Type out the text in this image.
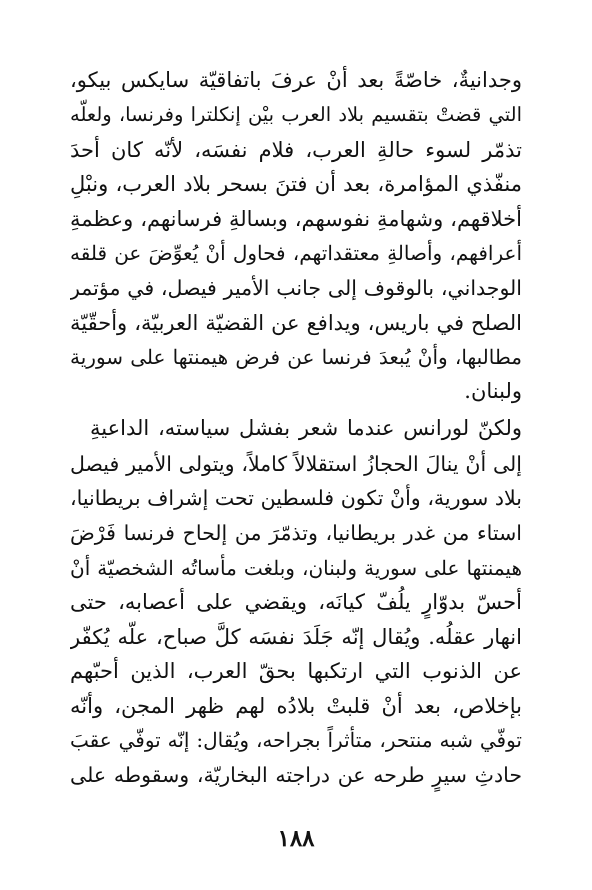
وجدانيةٌ، خاصّةً بعد أنْ عرفَ باتفاقيّة سايكس بيكو،
التي قضتْ بتقسيم بلاد العرب بيْن إنكلترا وفرنسا، ولعلّه
تذمّر لسوء حالةِ العرب، فلام نفسَه، لأنّه كان أحدَ
منفّذي المؤامرة، بعد أن فتنَ بسحر بلاد العرب، ونبْلِ
أخلاقهم، وشهامةِ نفوسهم، وبسالةِ فرسانهم، وعظمةِ
أعرافهم، وأصالةِ معتقداتهم، فحاول أنْ يُعوِّضَ عن قلقه
الوجداني، بالوقوف إلى جانب الأمير فيصل، في مؤتمر
الصلح في باريس، ويدافع عن القضيّة العربيّة، وأحقّيّة
مطالبها، وأنْ يُبعدَ فرنسا عن فرض هيمنتها على سورية
ولبنان.
ولكنّ لورانس عندما شعر بفشل سياسته، الداعيةِ
إلى أنْ ينالَ الحجازُ استقلالاً كاملاً، ويتولى الأمير فيصل
بلاد سورية، وأنْ تكون فلسطين تحت إشراف بريطانيا،
استاء من غدر بريطانيا، وتذمّرَ من إلحاح فرنسا فَرْضَ
هيمنتها على سورية ولبنان، وبلغت مأساتُه الشخصيّة أنْ
أحسّ بدوّارٍ يلُفّ كيانَه، ويقضي على أعصابه، حتى
انهار عقلُه. ويُقال إنّه جَلَدَ نفسَه كلَّ صباح، علّه يُكفّر
عن الذنوب التي ارتكبها بحقّ العرب، الذين أحبّهم
بإخلاص، بعد أنْ قلبتْ بلادُه لهم ظهر المجن، وأنّه
توفّي شبه منتحر، متأثراً بجراحه، ويُقال: إنّه توفّي عقبَ
حادثِ سيرٍ طرحه عن دراجته البخاريّة، وسقوطه على
١٨٨
